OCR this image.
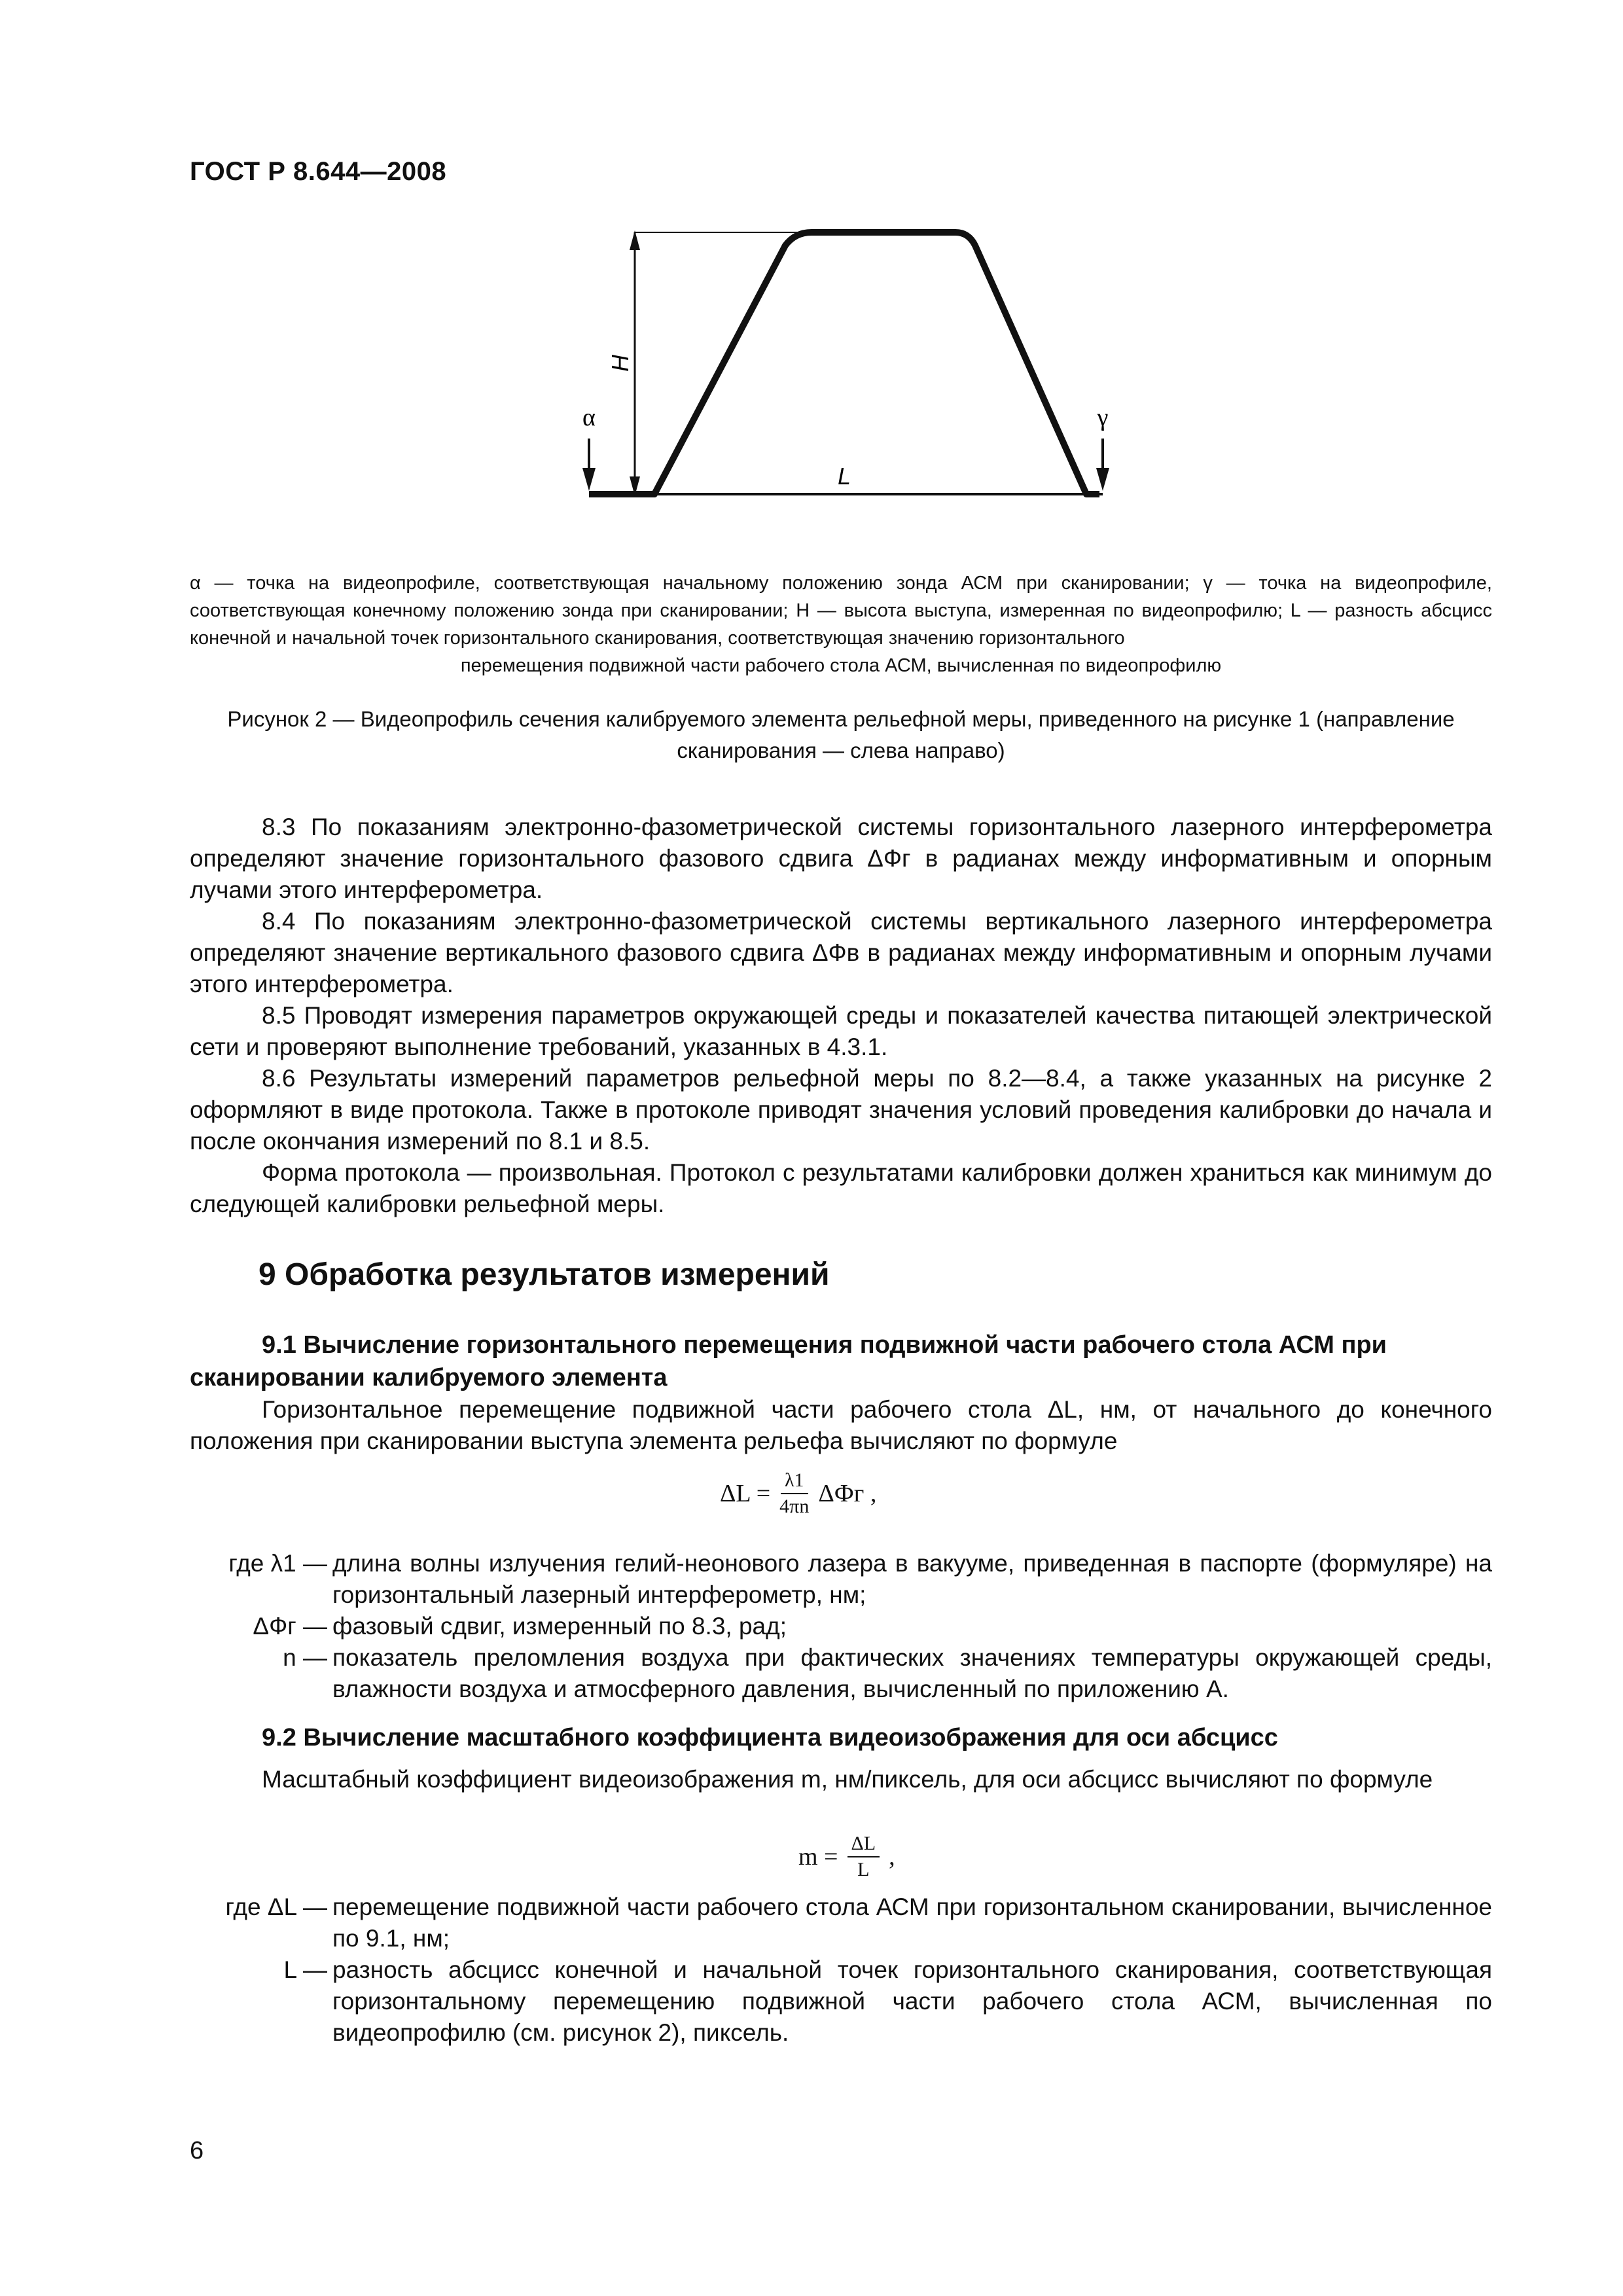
ГОСТ Р 8.644—2008
α	γ
H
L
α — точка на видеопрофиле, соответствующая начальному положению зонда АСМ при сканировании; γ — точка на видеопрофиле, соответствующая конечному положению зонда при сканировании; H — высота выступа, измеренная по видеопрофилю; L — разность абсцисс конечной и начальной точек горизонтального сканирования, соответствующая значению горизонтального
перемещения подвижной части рабочего стола АСМ, вычисленная по видеопрофилю
Рисунок 2 — Видеопрофиль сечения калибруемого элемента рельефной меры, приведенного на рисунке 1 (направление сканирования — слева направо)

8.3 По показаниям электронно-фазометрической системы горизонтального лазерного интерферометра определяют значение горизонтального фазового сдвига ΔФг в радианах между информативным и опорным лучами этого интерферометра.

8.4 По показаниям электронно-фазометрической системы вертикального лазерного интерферометра определяют значение вертикального фазового сдвига ΔФв в радианах между информативным и опорным лучами этого интерферометра.

8.5 Проводят измерения параметров окружающей среды и показателей качества питающей электрической сети и проверяют выполнение требований, указанных в 4.3.1.

8.6 Результаты измерений параметров рельефной меры по 8.2—8.4, а также указанных на рисунке 2 оформляют в виде протокола. Также в протоколе приводят значения условий проведения калибровки до начала и после окончания измерений по 8.1 и 8.5.

Форма протокола — произвольная. Протокол с результатами калибровки должен храниться как минимум до следующей калибровки рельефной меры.

9 Обработка результатов измерений
9.1 Вычисление горизонтального перемещения подвижной части рабочего стола АСМ при сканировании калибруемого элемента

Горизонтальное перемещение подвижной части рабочего стола ΔL, нм, от начального до конечного положения при сканировании выступа элемента рельефа вычисляют по формуле

$\Delta L = \frac{\lambda 1}{4\pi n}$ ΔФг ,
где λ1 — длина волны излучения гелий-неонового лазера в вакууме, приведенная в паспорте (формуляре) на горизонтальный лазерный интерферометр, нм;
ΔФг — фазовый сдвиг, измеренный по 8.3, рад;
n — показатель преломления воздуха при фактических значениях температуры окружающей среды, влажности воздуха и атмосферного давления, вычисленный по приложению А.
9.2 Вычисление масштабного коэффициента видеоизображения для оси абсцисс

Масштабный коэффициент видеоизображения m, нм/пиксель, для оси абсцисс вычисляют по формуле

$m = \frac{\Delta L}{L}$ ,
где ΔL — перемещение подвижной части рабочего стола АСМ при горизонтальном сканировании, вычисленное по 9.1, нм;
L — разность абсцисс конечной и начальной точек горизонтального сканирования, соответствующая горизонтальному перемещению подвижной части рабочего стола АСМ, вычисленная по видеопрофилю (см. рисунок 2), пиксель.
6
